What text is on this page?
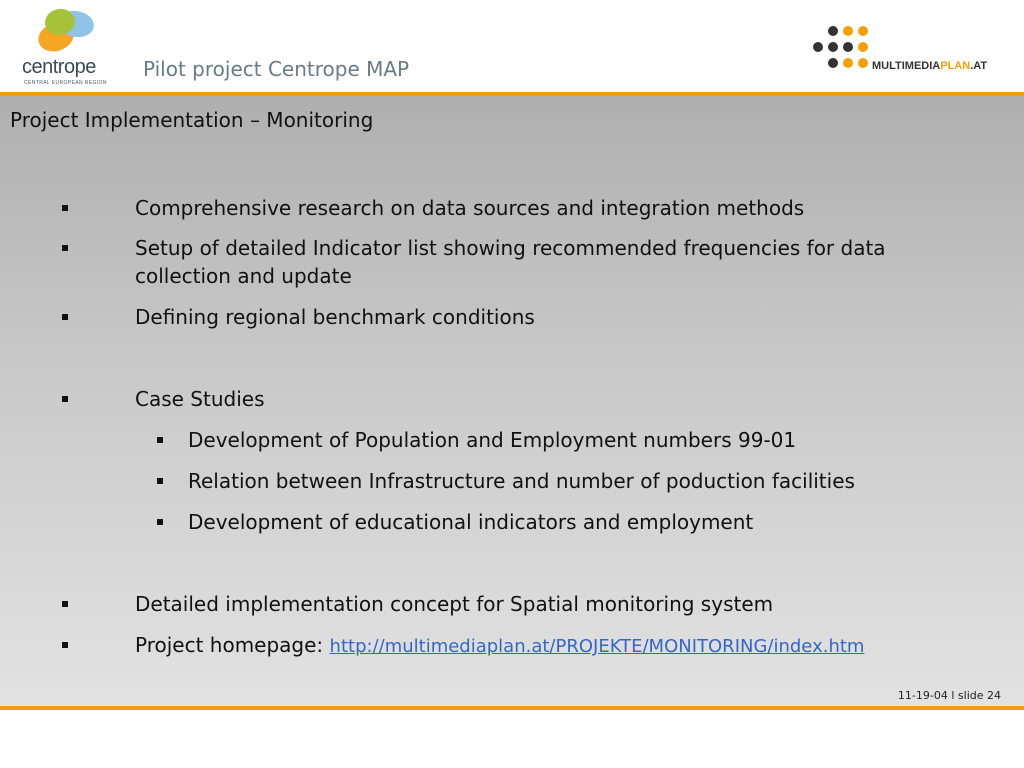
centrope
CENTRAL EUROPEAN REGION
Pilot project Centrope MAP	MULTIMEDIAPLAN.AT
Project Implementation – Monitoring
Comprehensive research on data sources and integration methods
Setup of detailed Indicator list showing recommended frequencies for data collection and update
Defining regional benchmark conditions
Case Studies
Development of Population and Employment numbers 99-01
Relation between Infrastructure and number of poduction facilities
Development of educational indicators and employment
Detailed implementation concept for Spatial monitoring system
Project homepage: http://multimediaplan.at/PROJEKTE/MONITORING/index.htm
11-19-04 l slide 24
